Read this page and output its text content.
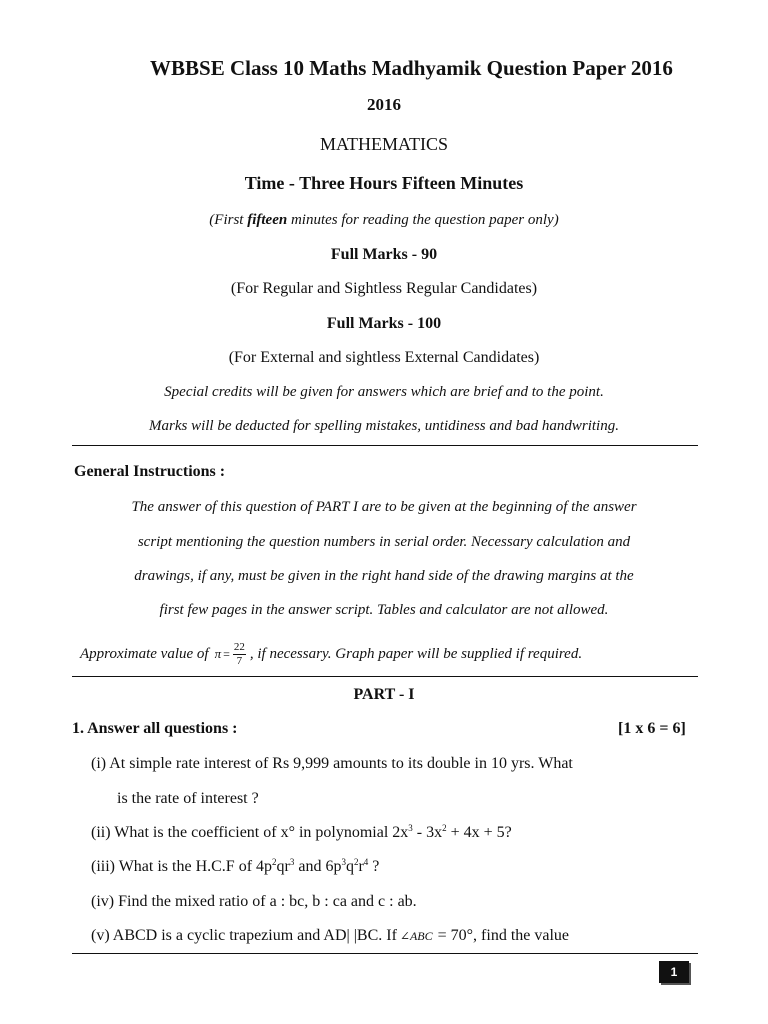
WBBSE Class 10 Maths Madhyamik Question Paper 2016
2016
MATHEMATICS
Time - Three Hours Fifteen Minutes
(First fifteen minutes for reading the question paper only)
Full Marks - 90
(For Regular and Sightless Regular Candidates)
Full Marks - 100
(For External and sightless External Candidates)
Special credits will be given for answers which are brief and to the point.
Marks will be deducted for spelling mistakes, untidiness and bad handwriting.
General Instructions :
The answer of this question of PART I are to be given at the beginning of the answer
script mentioning the question numbers in serial order. Necessary calculation and
drawings, if any, must be given in the right hand side of the drawing margins at the
first few pages in the answer script. Tables and calculator are not allowed.
Approximate value of $\pi = \frac{22}{7}$ , if necessary. Graph paper will be supplied if required.
PART - I
1. Answer all questions :	[1 x 6 = 6]
(i) At simple rate interest of Rs 9,999 amounts to its double in 10 yrs. What
is the rate of interest ?
(ii) What is the coefficient of x° in polynomial $2x^3 - 3x^2 + 4x + 5$?
(iii) What is the H.C.F of $4p^2qr^3$ and $6p^3q^2r^4$ ?
(iv) Find the mixed ratio of a : bc, b : ca and c : ab.
(v) ABCD is a cyclic trapezium and AD| |BC. If ∠ABC = 70°, find the value
1
